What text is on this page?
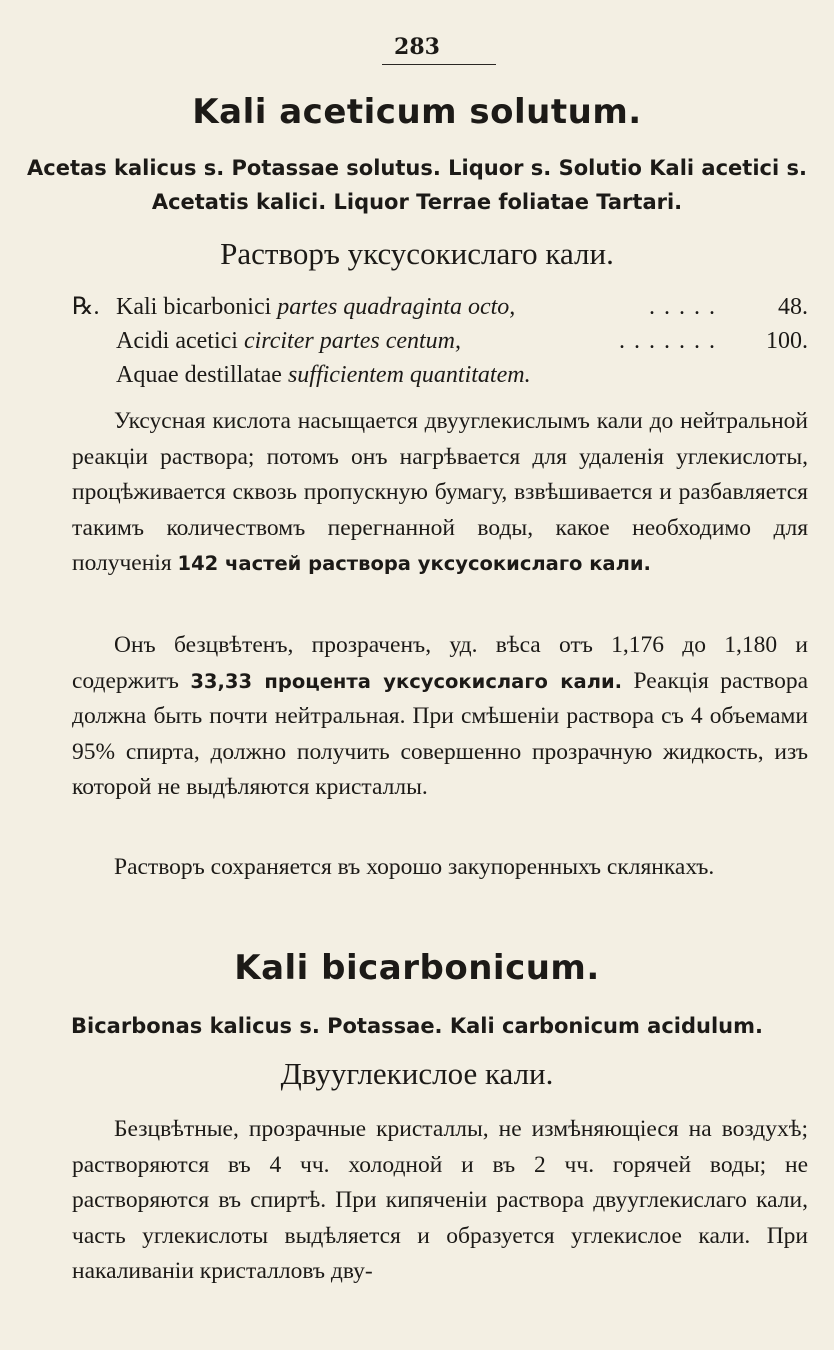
283
Kali aceticum solutum.
Acetas kalicus s. Potassae solutus. Liquor s. Solutio Kali acetici s.
Acetatis kalici. Liquor Terrae foliatae Tartari.
Растворъ уксусокислаго кали.
℞. Kali bicarbonici partes quadraginta octo,	..... 48.
Acidi acetici circiter partes centum,	....... 100.
Aquae destillatae sufficientem quantitatem.
Уксусная кислота насыщается двууглекислымъ кали до нейтральной реакціи раствора; потомъ онъ нагрѣвается для удаленія углекислоты, процѣживается сквозь пропускную бумагу, взвѣшивается и разбавляется такимъ количествомъ перегнанной воды, какое необходимо для полученія 142 частей раствора уксусокислаго кали.
Онъ безцвѣтенъ, прозраченъ, уд. вѣса отъ 1,176 до 1,180 и содержитъ 33,33 процента уксусокислаго кали. Реакція раствора должна быть почти нейтральная. При смѣшеніи раствора съ 4 объемами 95% спирта, должно получить совершенно прозрачную жидкость, изъ которой не выдѣляются кристаллы.
Растворъ сохраняется въ хорошо закупоренныхъ склянкахъ.
Kali bicarbonicum.
Bicarbonas kalicus s. Potassae. Kali carbonicum acidulum.
Двууглекислое кали.
Безцвѣтные, прозрачные кристаллы, не измѣняющіеся на воздухѣ; растворяются въ 4 чч. холодной и въ 2 чч. горячей воды; не растворяются въ спиртѣ. При кипяченіи раствора двууглекислаго кали, часть углекислоты выдѣляется и образуется углекислое кали. При накаливаніи кристалловъ дву-
